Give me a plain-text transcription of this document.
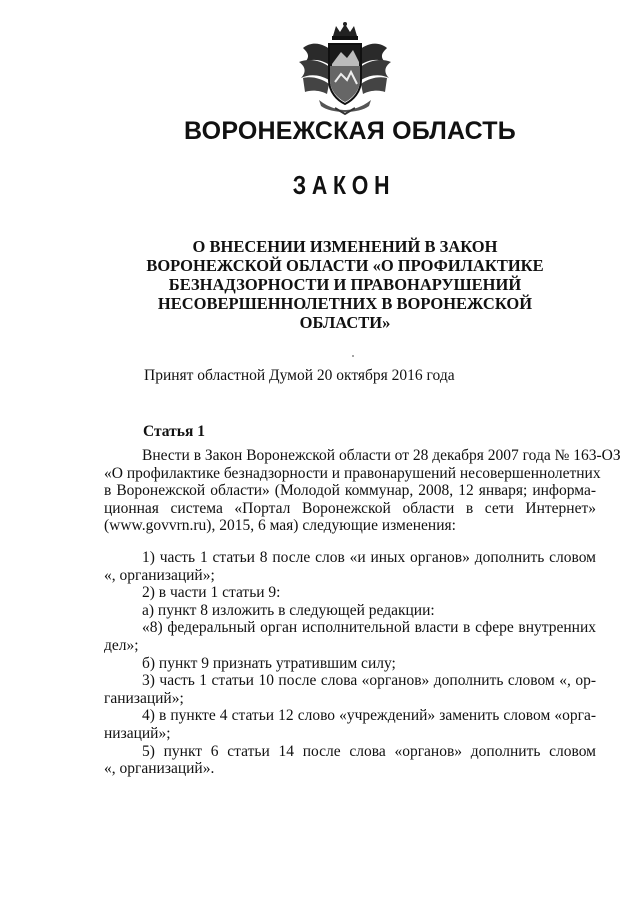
ВОРОНЕЖСКАЯ ОБЛАСТЬ
ЗАКОН
О ВНЕСЕНИИ ИЗМЕНЕНИЙ В ЗАКОН
ВОРОНЕЖСКОЙ ОБЛАСТИ «О ПРОФИЛАКТИКЕ
БЕЗНАДЗОРНОСТИ И ПРАВОНАРУШЕНИЙ
НЕСОВЕРШЕННОЛЕТНИХ В ВОРОНЕЖСКОЙ
ОБЛАСТИ»
Принят областной Думой 20 октября 2016 года
Статья 1
Внести в Закон Воронежской области от 28 декабря 2007 года № 163-ОЗ
«О профилактике безнадзорности и правонарушений несовершеннолетних
в Воронежской области» (Молодой коммунар, 2008, 12 января; информа-
ционная система «Портал Воронежской области в сети Интернет»
(www.govvrn.ru), 2015, 6 мая) следующие изменения:
1) часть 1 статьи 8 после слов «и иных органов» дополнить словом
«, организаций»;
2) в части 1 статьи 9:
а) пункт 8 изложить в следующей редакции:
«8) федеральный орган исполнительной власти в сфере внутренних
дел»;
б) пункт 9 признать утратившим силу;
3) часть 1 статьи 10 после слова «органов» дополнить словом «, ор-
ганизаций»;
4) в пункте 4 статьи 12 слово «учреждений» заменить словом «орга-
низаций»;
5) пункт 6 статьи 14 после слова «органов» дополнить словом
«, организаций».
